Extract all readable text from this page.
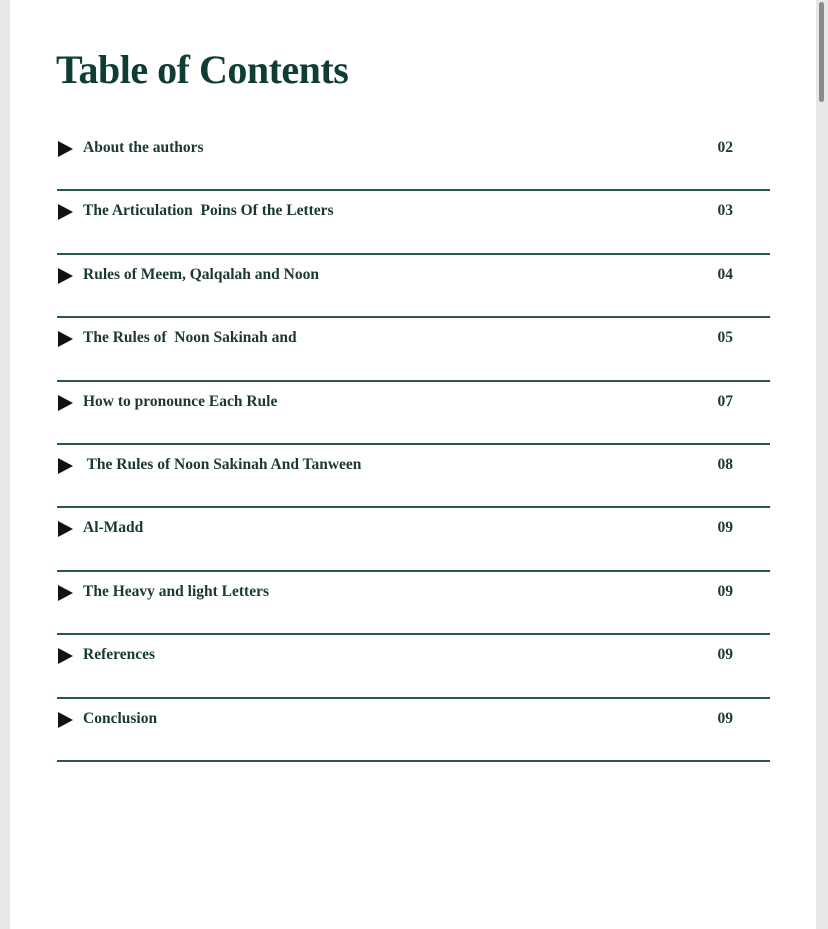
Table of Contents
About the authors	02
The Articulation  Poins Of the Letters	03
Rules of Meem, Qalqalah and Noon	04
The Rules of  Noon Sakinah and	05
How to pronounce Each Rule	07
The Rules of Noon Sakinah And Tanween	08
Al-Madd	09
The Heavy and light Letters	09
References	09
Conclusion	09
